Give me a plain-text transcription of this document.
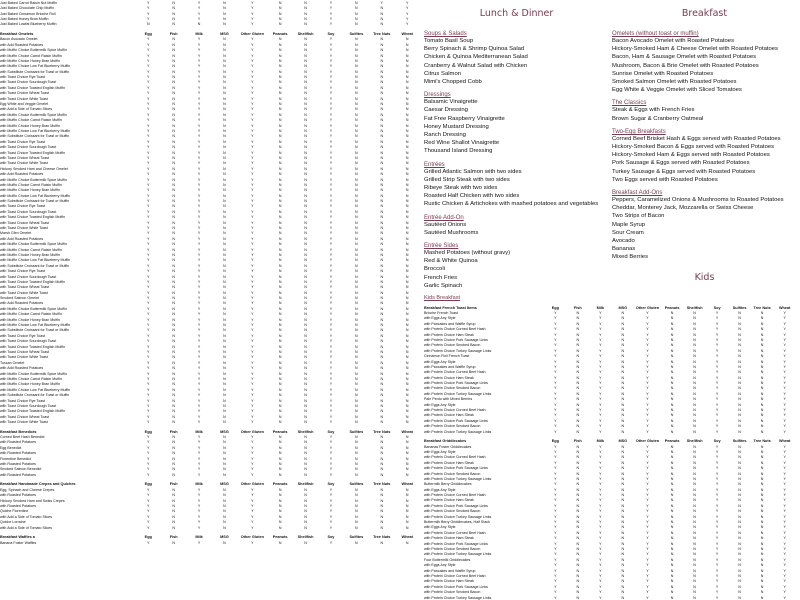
Just Baked Carrot Raisin Nut Muffin	Y	N	Y	N	Y	N	N	Y	N	Y	Y
Just Baked Chocolate Chip Muffin	Y	N	Y	N	Y	N	N	Y	N	N	Y
Just Baked Cinnamon Brioche Roll	Y	N	Y	N	Y	N	N	Y	N	N	Y
Just Baked Honey Bran Muffin	Y	N	Y	N	Y	N	N	Y	N	N	Y
Just Baked Lowfat Blueberry Muffin	N	N	N	N	Y	N	N	Y	N	N	Y
Breakfast Omelets	Egg	Fish	Milk	MSG	Other Gluten	Peanuts	Shellfish	Soy	Sulfites	Tree Nuts	Wheat
Bacon Avocado Omelet	Y	N	Y	N	Y	N	N	Y	N	N	N
with Add Roasted Potatoes	Y	N	Y	N	Y	N	N	Y	N	N	N
with Muffin Choice Buttermilk Spice Muffin	Y	N	Y	N	Y	N	N	Y	N	N	N
with Muffin Choice Carrot Raisin Muffin	Y	N	Y	N	Y	N	N	Y	N	N	N
with Muffin Choice Honey Bran Muffin	Y	N	Y	N	Y	N	N	Y	N	N	N
with Muffin Choice Low Fat Blueberry Muffin	Y	N	Y	N	Y	N	N	Y	N	N	N
with Substitute Croissant for Toast or Muffin	Y	N	Y	N	Y	N	N	Y	N	N	N
with Toast Choice Rye Toast	Y	N	Y	N	Y	N	N	Y	N	N	N
with Toast Choice Sourdough Toast	Y	N	Y	N	Y	N	N	Y	N	N	N
with Toast Choice Toasted English Muffin	Y	N	Y	N	Y	N	N	Y	N	N	N
with Toast Choice Wheat Toast	Y	N	Y	N	Y	N	N	Y	N	N	N
with Toast Choice White Toast	Y	N	Y	N	Y	N	N	Y	N	N	N
Egg White and Veggie Omelet	Y	N	Y	N	Y	N	N	Y	N	N	N
with Add a Side of Tomato Slices	Y	N	Y	N	Y	N	N	Y	N	N	N
with Muffin Choice Buttermilk Spice Muffin	Y	N	Y	N	Y	N	N	Y	N	N	N
with Muffin Choice Carrot Raisin Muffin	Y	N	Y	N	Y	N	N	Y	N	N	N
with Muffin Choice Honey Bran Muffin	Y	N	Y	N	Y	N	N	Y	N	N	N
with Muffin Choice Low Fat Blueberry Muffin	Y	N	Y	N	Y	N	N	Y	N	N	N
with Substitute Croissant for Toast or Muffin	Y	N	Y	N	Y	N	N	Y	N	N	N
with Toast Choice Rye Toast	Y	N	Y	N	Y	N	N	Y	N	N	N
with Toast Choice Sourdough Toast	Y	N	Y	N	Y	N	N	Y	N	N	N
with Toast Choice Toasted English Muffin	Y	N	Y	N	Y	N	N	Y	N	N	N
with Toast Choice Wheat Toast	Y	N	Y	N	Y	N	N	Y	N	N	N
with Toast Choice White Toast	Y	N	Y	N	Y	N	N	Y	N	N	N
Hickory Smoked Ham and Cheese Omelet	Y	N	Y	N	Y	N	N	Y	N	N	N
with Add Roasted Potatoes	Y	N	Y	N	Y	N	N	Y	N	N	N
with Muffin Choice Buttermilk Spice Muffin	Y	N	Y	N	Y	N	N	Y	N	N	N
with Muffin Choice Carrot Raisin Muffin	Y	N	Y	N	Y	N	N	Y	N	N	N
with Muffin Choice Honey Bran Muffin	Y	N	Y	N	Y	N	N	Y	N	N	N
with Muffin Choice Low Fat Blueberry Muffin	Y	N	Y	N	Y	N	N	Y	N	N	N
with Substitute Croissant for Toast or Muffin	Y	N	Y	N	Y	N	N	Y	N	N	N
with Toast Choice Rye Toast	Y	N	Y	N	Y	N	N	Y	N	N	N
with Toast Choice Sourdough Toast	Y	N	Y	N	Y	N	N	Y	N	N	N
with Toast Choice Toasted English Muffin	Y	N	Y	N	Y	N	N	Y	N	N	N
with Toast Choice Wheat Toast	Y	N	Y	N	Y	N	N	Y	N	N	N
with Toast Choice White Toast	Y	N	Y	N	Y	N	N	Y	N	N	N
Marsh Glen Omelet	Y	N	Y	N	Y	N	N	Y	N	N	N
with Add Roasted Potatoes	Y	N	Y	N	Y	N	N	Y	N	N	N
with Muffin Choice Buttermilk Spice Muffin	Y	N	Y	N	Y	N	N	Y	N	N	N
with Muffin Choice Carrot Raisin Muffin	Y	N	Y	N	Y	N	N	Y	N	N	N
with Muffin Choice Honey Bran Muffin	Y	N	Y	N	Y	N	N	Y	N	N	N
with Muffin Choice Low Fat Blueberry Muffin	Y	N	Y	N	Y	N	N	Y	N	N	N
with Substitute Croissant for Toast or Muffin	Y	N	Y	N	Y	N	N	Y	N	N	N
with Toast Choice Rye Toast	Y	N	Y	N	Y	N	N	Y	N	N	N
with Toast Choice Sourdough Toast	Y	N	Y	N	Y	N	N	Y	N	N	N
with Toast Choice Toasted English Muffin	Y	N	Y	N	Y	N	N	Y	N	N	N
with Toast Choice Wheat Toast	Y	N	Y	N	Y	N	N	Y	N	N	N
with Toast Choice White Toast	Y	N	Y	N	Y	N	N	Y	N	N	N
Smoked Salmon Omelet	Y	N	Y	N	Y	N	N	Y	N	N	N
with Add Roasted Potatoes	Y	N	Y	N	Y	N	N	Y	N	N	N
with Muffin Choice Buttermilk Spice Muffin	Y	N	Y	N	Y	N	N	Y	N	N	N
with Muffin Choice Carrot Raisin Muffin	Y	N	Y	N	Y	N	N	Y	N	N	N
with Muffin Choice Honey Bran Muffin	Y	N	Y	N	Y	N	N	Y	N	N	N
with Muffin Choice Low Fat Blueberry Muffin	Y	N	Y	N	Y	N	N	Y	N	N	N
with Substitute Croissant for Toast or Muffin	Y	N	Y	N	Y	N	N	Y	N	N	N
with Toast Choice Rye Toast	Y	N	Y	N	Y	N	N	Y	N	N	N
with Toast Choice Sourdough Toast	Y	N	Y	N	Y	N	N	Y	N	N	N
with Toast Choice Toasted English Muffin	Y	N	Y	N	Y	N	N	Y	N	N	N
with Toast Choice Wheat Toast	Y	N	Y	N	Y	N	N	Y	N	N	N
with Toast Choice White Toast	Y	N	Y	N	Y	N	N	Y	N	N	N
Tuscan Omelet	Y	N	Y	N	Y	N	N	Y	N	N	N
with Add Roasted Potatoes	Y	N	Y	N	Y	N	N	Y	N	N	N
with Muffin Choice Buttermilk Spice Muffin	Y	N	Y	N	Y	N	N	Y	N	N	N
with Muffin Choice Carrot Raisin Muffin	Y	N	Y	N	Y	N	N	Y	N	N	N
with Muffin Choice Honey Bran Muffin	Y	N	Y	N	Y	N	N	Y	N	N	N
with Muffin Choice Low Fat Blueberry Muffin	Y	N	Y	N	Y	N	N	Y	N	N	N
with Substitute Croissant for Toast or Muffin	Y	N	Y	N	Y	N	N	Y	N	N	N
with Toast Choice Rye Toast	Y	N	Y	N	Y	N	N	Y	N	N	N
with Toast Choice Sourdough Toast	Y	N	Y	N	Y	N	N	Y	N	N	N
with Toast Choice Toasted English Muffin	Y	N	Y	N	Y	N	N	Y	N	N	N
with Toast Choice Wheat Toast	Y	N	Y	N	Y	N	N	Y	N	N	N
with Toast Choice White Toast	Y	N	Y	N	Y	N	N	Y	N	N	N
Breakfast Benedicts	Egg	Fish	Milk	MSG	Other Gluten	Peanuts	Shellfish	Soy	Sulfites	Tree Nuts	Wheat
Corned Beef Hash Benedict	Y	N	Y	N	Y	N	N	Y	N	N	N
with Roasted Potatoes	Y	N	Y	N	Y	N	N	Y	N	N	N
Egg Benedict	Y	N	Y	N	Y	N	N	Y	N	N	N
with Roasted Potatoes	Y	N	Y	N	Y	N	N	Y	N	N	N
Florentine Benedict	Y	N	Y	N	Y	N	N	Y	N	N	N
with Roasted Potatoes	Y	N	Y	N	Y	N	N	Y	N	N	N
Smoked Salmon Benedict	Y	N	Y	N	Y	N	N	Y	N	N	N
with Roasted Potatoes	Y	N	Y	N	Y	N	N	Y	N	N	N
Breakfast Handmade Crepes and Quiches	Egg	Fish	Milk	MSG	Other Gluten	Peanuts	Shellfish	Soy	Sulfites	Tree Nuts	Wheat
Egg, Spinach and Cheese Crepes	Y	N	Y	N	Y	N	N	Y	N	N	N
with Roasted Potatoes	Y	N	Y	N	Y	N	N	Y	N	N	N
Hickory Smoked Ham and Swiss Crepes	Y	N	Y	N	Y	N	N	Y	N	N	N
with Roasted Potatoes	Y	N	Y	N	Y	N	N	Y	N	N	N
Quiche Florentine	Y	N	Y	N	Y	N	N	Y	N	N	N
with Add a Side of Tomato Slices	Y	N	Y	N	Y	N	N	Y	N	N	N
Quiche Lorraine	Y	N	Y	N	Y	N	N	Y	N	N	N
with Add a Side of Tomato Slices	Y	N	Y	N	Y	N	N	Y	N	N	N
Breakfast Waffles a	Egg	Fish	Milk	MSG	Other Gluten	Peanuts	Shellfish	Soy	Sulfites	Tree Nuts	Wheat
Banana Foster Waffles	Y	N	Y	N	Y	N	N	Y	N	N	N
Lunch & Dinner
Soups & Salads
Tomato Basil Soup
Berry Spinach & Shrimp Quinoa Salad
Chicken & Quinoa Mediterranean Salad
Cranberry & Walnut Salad with Chicken
Citrus Salmon
Mimi's Chopped Cobb
Dressings
Balsamic Vinaigrette
Caesar Dressing
Fat Free Raspberry Vinaigrette
Honey Mustard Dressing
Ranch Dressing
Red Wine Shallot Vinaigrette
Thousand Island Dressing
Entrées
Grilled Atlantic Salmon with two sides
Grilled Strip Steak with two sides
Ribeye Steak with two sides
Roasted Half Chicken with two sides
Rustic Chicken & Artichokes with mashed potatoes and vegetables
Entrée Add-On
Sautéed Onions
Sautéed Mushrooms
Entrée Sides
Mashed Potatoes (without gravy)
Red & White Quinoa
Broccoli
French Fries
Garlic Spinach
Breakfast
Omelets (without toast or muffin)
Bacon Avocado Omelet with Roasted Potatoes
Hickory-Smoked Ham & Cheese Omelet with Roasted Potatoes
Bacon, Ham & Sausage Omelet with Roasted Potatoes
Mushroom, Bacon & Brie Omelet with Roasted Potatoes
Sunrise Omelet with Roasted Potatoes
Smoked Salmon Omelet with Roasted Potatoes
Egg White & Veggie Omelet with Sliced Tomatoes
The Classics
Steak & Eggs with French Fries
Brown Sugar & Cranberry Oatmeal
Two-Egg Breakfasts
Corned Beef Brisket Hash & Eggs served with Roasted Potatoes
Hickory-Smoked Bacon & Eggs served with Roasted Potatoes
Hickory-Smoked Ham & Eggs served with Roasted Potatoes
Pork Sausage & Eggs served with Roasted Potatoes
Turkey Sausage & Eggs served with Roasted Potatoes
Two Eggs served with Roasted Potatoes
Breakfast Add-Ons
Peppers, Caramelized Onions & Mushrooms to Roasted Potatoes
Cheddar, Monterey Jack, Mozzarella or Swiss Cheese
Two Strips of Bacon
Maple Syrup
Sour Cream
Avocado
Bananas
Mixed Berries
Kids
Kids Breakfast											
Breakfast French Toast Items	Egg	Fish	Milk	MSG	Other Gluten	Peanuts	Shellfish	Soy	Sulfites	Tree Nuts	Wheat
Brioche French Toast	Y	N	Y	N	Y	N	N	Y	N	N	Y
with Eggs Any Style	Y	N	Y	N	Y	N	N	Y	N	N	Y
with Pancakes and Waffle Syrup	Y	N	Y	N	Y	N	N	Y	N	N	Y
with Protein Choice Corned Beef Hash	Y	N	Y	N	Y	N	N	Y	N	N	Y
with Protein Choice Ham Steak	Y	N	Y	N	Y	N	N	Y	N	N	Y
with Protein Choice Pork Sausage Links	Y	N	Y	N	Y	N	N	Y	N	N	Y
with Protein Choice Smoked Bacon	Y	N	Y	N	Y	N	N	Y	N	N	Y
with Protein Choice Turkey Sausage Links	Y	N	Y	N	Y	N	N	Y	N	N	Y
Cinnamon Roll French Toast	Y	N	Y	N	Y	N	N	Y	N	N	Y
with Eggs Any Style	Y	N	Y	N	Y	N	N	Y	N	N	Y
with Pancakes and Waffle Syrup	Y	N	Y	N	Y	N	N	Y	N	N	Y
with Protein Choice Corned Beef Hash	Y	N	Y	N	Y	N	N	Y	N	N	Y
with Protein Choice Ham Steak	Y	N	Y	N	Y	N	N	Y	N	N	Y
with Protein Choice Pork Sausage Links	Y	N	Y	N	Y	N	N	Y	N	N	Y
with Protein Choice Smoked Bacon	Y	N	Y	N	Y	N	N	Y	N	N	Y
with Protein Choice Turkey Sausage Links	Y	N	Y	N	Y	N	N	Y	N	N	Y
Pain Perdu with Mixed Berries	Y	N	Y	N	Y	N	N	Y	N	N	Y
with Eggs Any Style	Y	N	Y	N	Y	N	N	Y	N	N	Y
with Protein Choice Corned Beef Hash	Y	N	Y	N	Y	N	N	Y	N	N	Y
with Protein Choice Ham Steak	Y	N	Y	N	Y	N	N	Y	N	N	Y
with Protein Choice Pork Sausage Links	Y	N	Y	N	Y	N	N	Y	N	N	Y
with Protein Choice Smoked Bacon	Y	N	Y	N	Y	N	N	Y	N	N	Y
with Protein Choice Turkey Sausage Links	Y	N	Y	N	Y	N	N	Y	N	N	Y
Breakfast Griddlecakes	Egg	Fish	Milk	MSG	Other Gluten	Peanuts	Shellfish	Soy	Sulfites	Tree Nuts	Wheat
Bananas Foster Griddlecakes	Y	N	Y	N	Y	N	N	Y	N	N	Y
with Eggs Any Style	Y	N	Y	N	Y	N	N	Y	N	N	Y
with Protein Choice Corned Beef Hash	Y	N	Y	N	Y	N	N	Y	N	N	Y
with Protein Choice Ham Steak	Y	N	Y	N	Y	N	N	Y	N	N	Y
with Protein Choice Pork Sausage Links	Y	N	Y	N	Y	N	N	Y	N	N	Y
with Protein Choice Smoked Bacon	Y	N	Y	N	Y	N	N	Y	N	N	Y
with Protein Choice Turkey Sausage Links	Y	N	Y	N	Y	N	N	Y	N	N	Y
Buttermilk Berry Griddlecakes	Y	N	Y	N	Y	N	N	Y	N	N	Y
with Eggs Any Style	Y	N	Y	N	Y	N	N	Y	N	N	Y
with Protein Choice Corned Beef Hash	Y	N	Y	N	Y	N	N	Y	N	N	Y
with Protein Choice Ham Steak	Y	N	Y	N	Y	N	N	Y	N	N	Y
with Protein Choice Pork Sausage Links	Y	N	Y	N	Y	N	N	Y	N	N	Y
with Protein Choice Smoked Bacon	Y	N	Y	N	Y	N	N	Y	N	N	Y
with Protein Choice Turkey Sausage Links	Y	N	Y	N	Y	N	N	Y	N	N	Y
Buttermilk Berry Griddlecakes, Half Stack	Y	N	Y	N	Y	N	N	Y	N	N	Y
with Eggs Any Style	Y	N	Y	N	Y	N	N	Y	N	N	Y
with Protein Choice Corned Beef Hash	Y	N	Y	N	Y	N	N	Y	N	N	Y
with Protein Choice Ham Steak	Y	N	Y	N	Y	N	N	Y	N	N	Y
with Protein Choice Pork Sausage Links	Y	N	Y	N	Y	N	N	Y	N	N	Y
with Protein Choice Smoked Bacon	Y	N	Y	N	Y	N	N	Y	N	N	Y
with Protein Choice Turkey Sausage Links	Y	N	Y	N	Y	N	N	Y	N	N	Y
Four Buttermilk Griddlecakes	Y	N	Y	N	Y	N	N	Y	N	N	Y
with Eggs Any Style	Y	N	Y	N	Y	N	N	Y	N	N	Y
with Pancakes and Waffle Syrup	Y	N	Y	N	Y	N	N	Y	N	N	Y
with Protein Choice Corned Beef Hash	Y	N	Y	N	Y	N	N	Y	N	N	Y
with Protein Choice Ham Steak	Y	N	Y	N	Y	N	N	Y	N	N	Y
with Protein Choice Pork Sausage Links	Y	N	Y	N	Y	N	N	Y	N	N	Y
with Protein Choice Smoked Bacon	Y	N	Y	N	Y	N	N	Y	N	N	Y
with Protein Choice Turkey Sausage Links	Y	N	Y	N	Y	N	N	Y	N	N	Y
